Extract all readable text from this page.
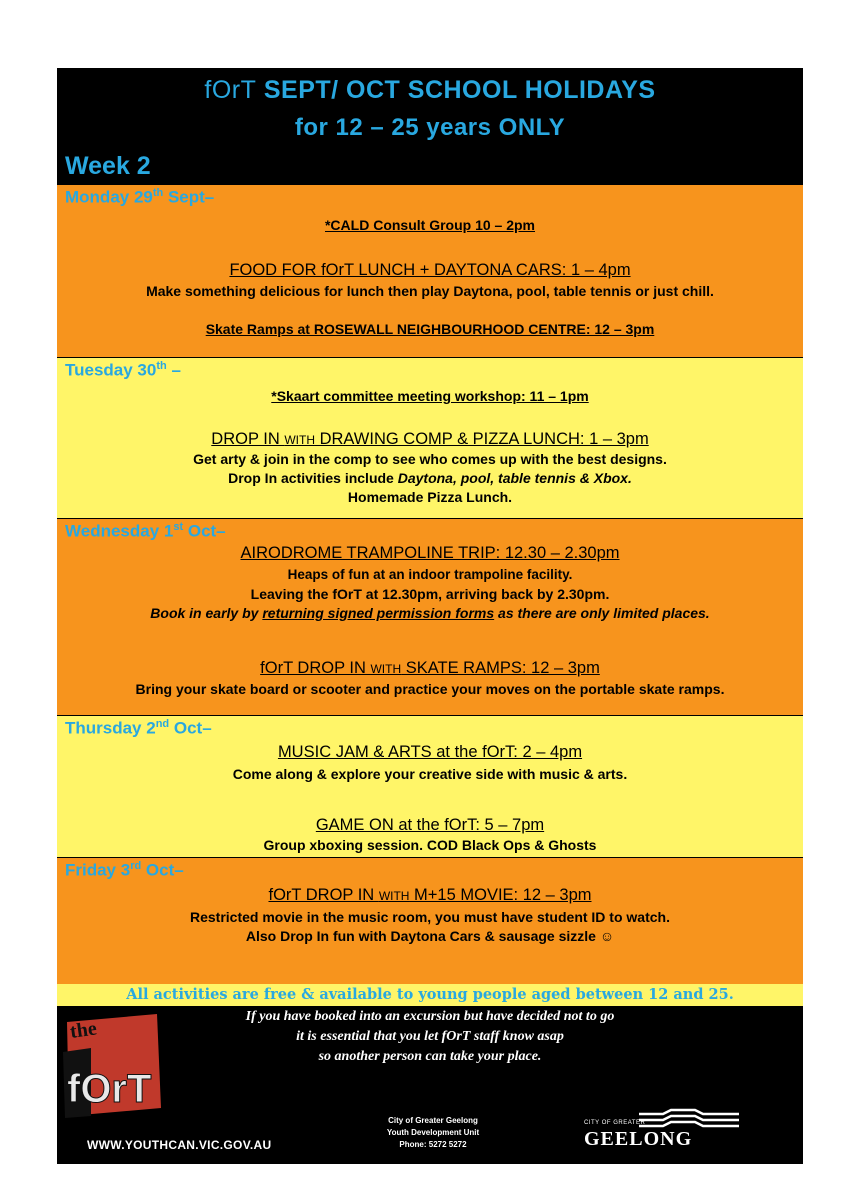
fOrT SEPT/ OCT SCHOOL HOLIDAYS
for 12 – 25 years ONLY
Week 2
Monday 29th Sept–
*CALD Consult Group 10 – 2pm
FOOD FOR fOrT LUNCH + DAYTONA CARS: 1 – 4pm
Make something delicious for lunch then play Daytona, pool, table tennis or just chill.
Skate Ramps at ROSEWALL NEIGHBOURHOOD CENTRE: 12 – 3pm
Tuesday 30th –
*Skaart committee meeting workshop: 11 – 1pm
DROP IN WITH DRAWING COMP & PIZZA LUNCH: 1 – 3pm
Get arty & join in the comp to see who comes up with the best designs.
Drop In activities include Daytona, pool, table tennis & Xbox.
Homemade Pizza Lunch.
Wednesday 1st Oct–
AIRODROME TRAMPOLINE TRIP: 12.30 – 2.30pm
Heaps of fun at an indoor trampoline facility.
Leaving the fOrT at 12.30pm, arriving back by 2.30pm.
Book in early by returning signed permission forms as there are only limited places.
fOrT DROP IN WITH SKATE RAMPS: 12 – 3pm
Bring your skate board or scooter and practice your moves on the portable skate ramps.
Thursday 2nd Oct–
MUSIC JAM & ARTS at the fOrT: 2 – 4pm
Come along & explore your creative side with music & arts.
GAME ON at the fOrT: 5 – 7pm
Group xboxing session. COD Black Ops & Ghosts
Friday 3rd Oct–
fOrT DROP IN WITH M+15 MOVIE: 12 – 3pm
Restricted movie in the music room, you must have student ID to watch.
Also Drop In fun with Daytona Cars & sausage sizzle ☺
All activities are free & available to young people aged between 12 and 25.
If you have booked into an excursion but have decided not to go
it is essential that you let fOrT staff know asap
so another person can take your place.
the
fOrT
City of Greater Geelong
Youth Development Unit
Phone: 5272 5272
WWW.YOUTHCAN.VIC.GOV.AU
CITY OF GREATER
GEELONG
